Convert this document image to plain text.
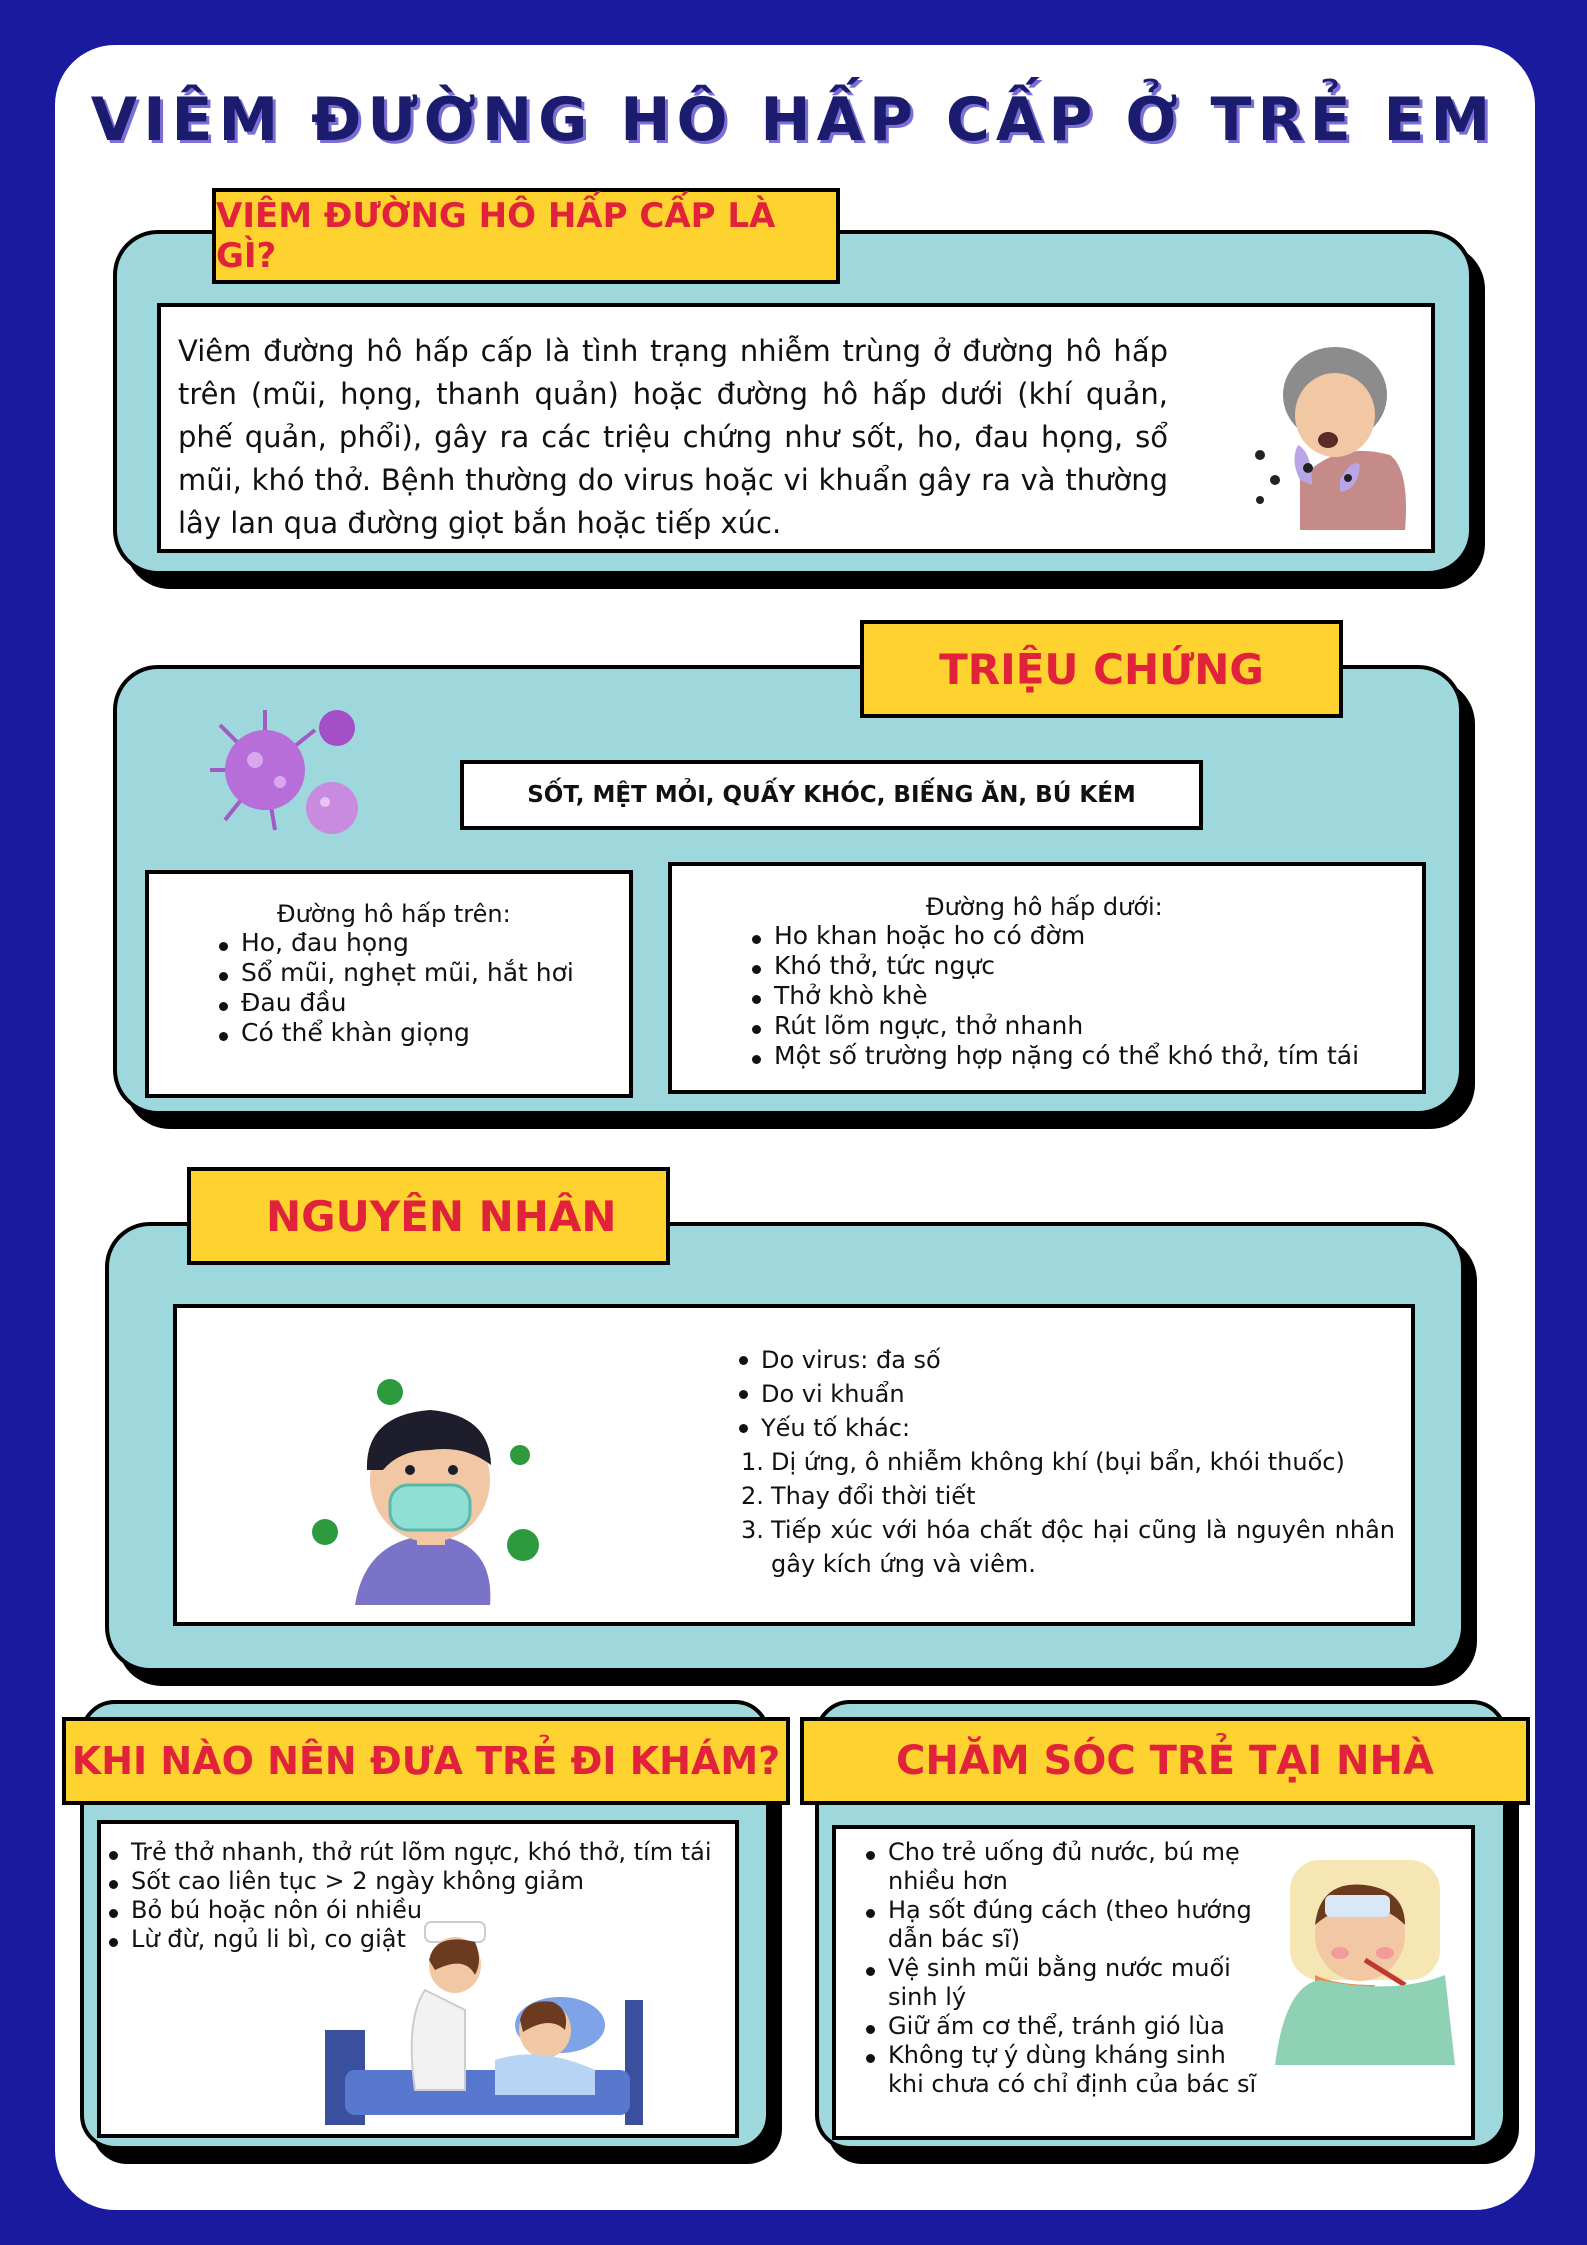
VIÊM ĐƯỜNG HÔ HẤP CẤP Ở TRẺ EM
VIÊM ĐƯỜNG HÔ HẤP CẤP LÀ GÌ?

Viêm đường hô hấp cấp là tình trạng nhiễm trùng ở đường hô hấp trên (mũi, họng, thanh quản) hoặc đường hô hấp dưới (khí quản, phế quản, phổi), gây ra các triệu chứng như sốt, ho, đau họng, sổ mũi, khó thở. Bệnh thường do virus hoặc vi khuẩn gây ra và thường lây lan qua đường giọt bắn hoặc tiếp xúc.

TRIỆU CHỨNG
SỐT, MỆT MỎI, QUẤY KHÓC, BIẾNG ĂN, BÚ KÉM
Đường hô hấp trên:
Ho, đau họng
Sổ mũi, nghẹt mũi, hắt hơi
Đau đầu
Có thể khàn giọng
Đường hô hấp dưới:
Ho khan hoặc ho có đờm
Khó thở, tức ngực
Thở khò khè
Rút lõm ngực, thở nhanh
Một số trường hợp nặng có thể khó thở, tím tái
NGUYÊN NHÂN
Do virus: đa số
Do vi khuẩn
Yếu tố khác:
1. Dị ứng, ô nhiễm không khí (bụi bẩn, khói thuốc)
2. Thay đổi thời tiết
3. Tiếp xúc với hóa chất độc hại cũng là nguyên nhân gây kích ứng và viêm.
KHI NÀO NÊN ĐƯA TRẺ ĐI KHÁM?
Trẻ thở nhanh, thở rút lõm ngực, khó thở, tím tái
Sốt cao liên tục > 2 ngày không giảm
Bỏ bú hoặc nôn ói nhiều
Lừ đừ, ngủ li bì, co giật
CHĂM SÓC TRẺ TẠI NHÀ
Cho trẻ uống đủ nước, bú mẹ nhiều hơn
Hạ sốt đúng cách (theo hướng dẫn bác sĩ)
Vệ sinh mũi bằng nước muối sinh lý
Giữ ấm cơ thể, tránh gió lùa
Không tự ý dùng kháng sinh khi chưa có chỉ định của bác sĩ
